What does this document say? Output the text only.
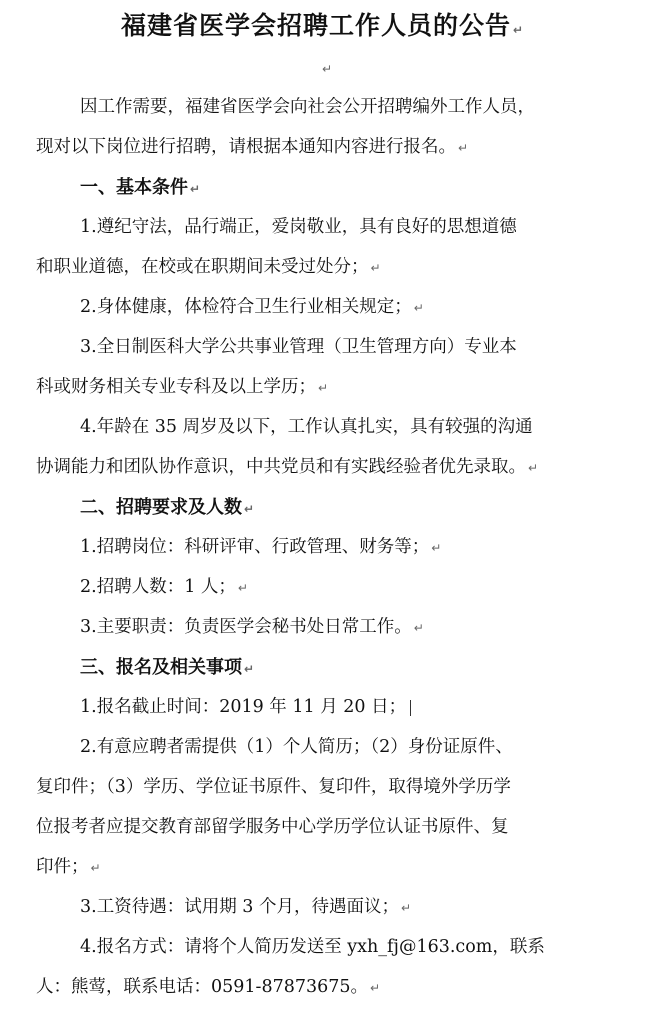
福建省医学会招聘工作人员的公告 ↵
↵
因工作需要，福建省医学会向社会公开招聘编外工作人员，
现对以下岗位进行招聘，请根据本通知内容进行报名。 ↵
一、基本条件 ↵
1.遵纪守法，品行端正，爱岗敬业，具有良好的思想道德
和职业道德，在校或在职期间未受过处分； ↵
2.身体健康，体检符合卫生行业相关规定； ↵
3.全日制医科大学公共事业管理（卫生管理方向）专业本
科或财务相关专业专科及以上学历； ↵
4.年龄在 35 周岁及以下，工作认真扎实，具有较强的沟通
协调能力和团队协作意识，中共党员和有实践经验者优先录取。 ↵
二、招聘要求及人数 ↵
1.招聘岗位：科研评审、行政管理、财务等； ↵
2.招聘人数：1 人； ↵
3.主要职责：负责医学会秘书处日常工作。 ↵
三、报名及相关事项 ↵
1.报名截止时间：2019 年 11 月 20 日；
2.有意应聘者需提供（1）个人简历；（2）身份证原件、
复印件；（3）学历、学位证书原件、复印件，取得境外学历学
位报考者应提交教育部留学服务中心学历学位认证书原件、复
印件； ↵
3.工资待遇：试用期 3 个月，待遇面议； ↵
4.报名方式：请将个人简历发送至 yxh_fj@163.com，联系
人：熊莺，联系电话：0591-87873675。 ↵
